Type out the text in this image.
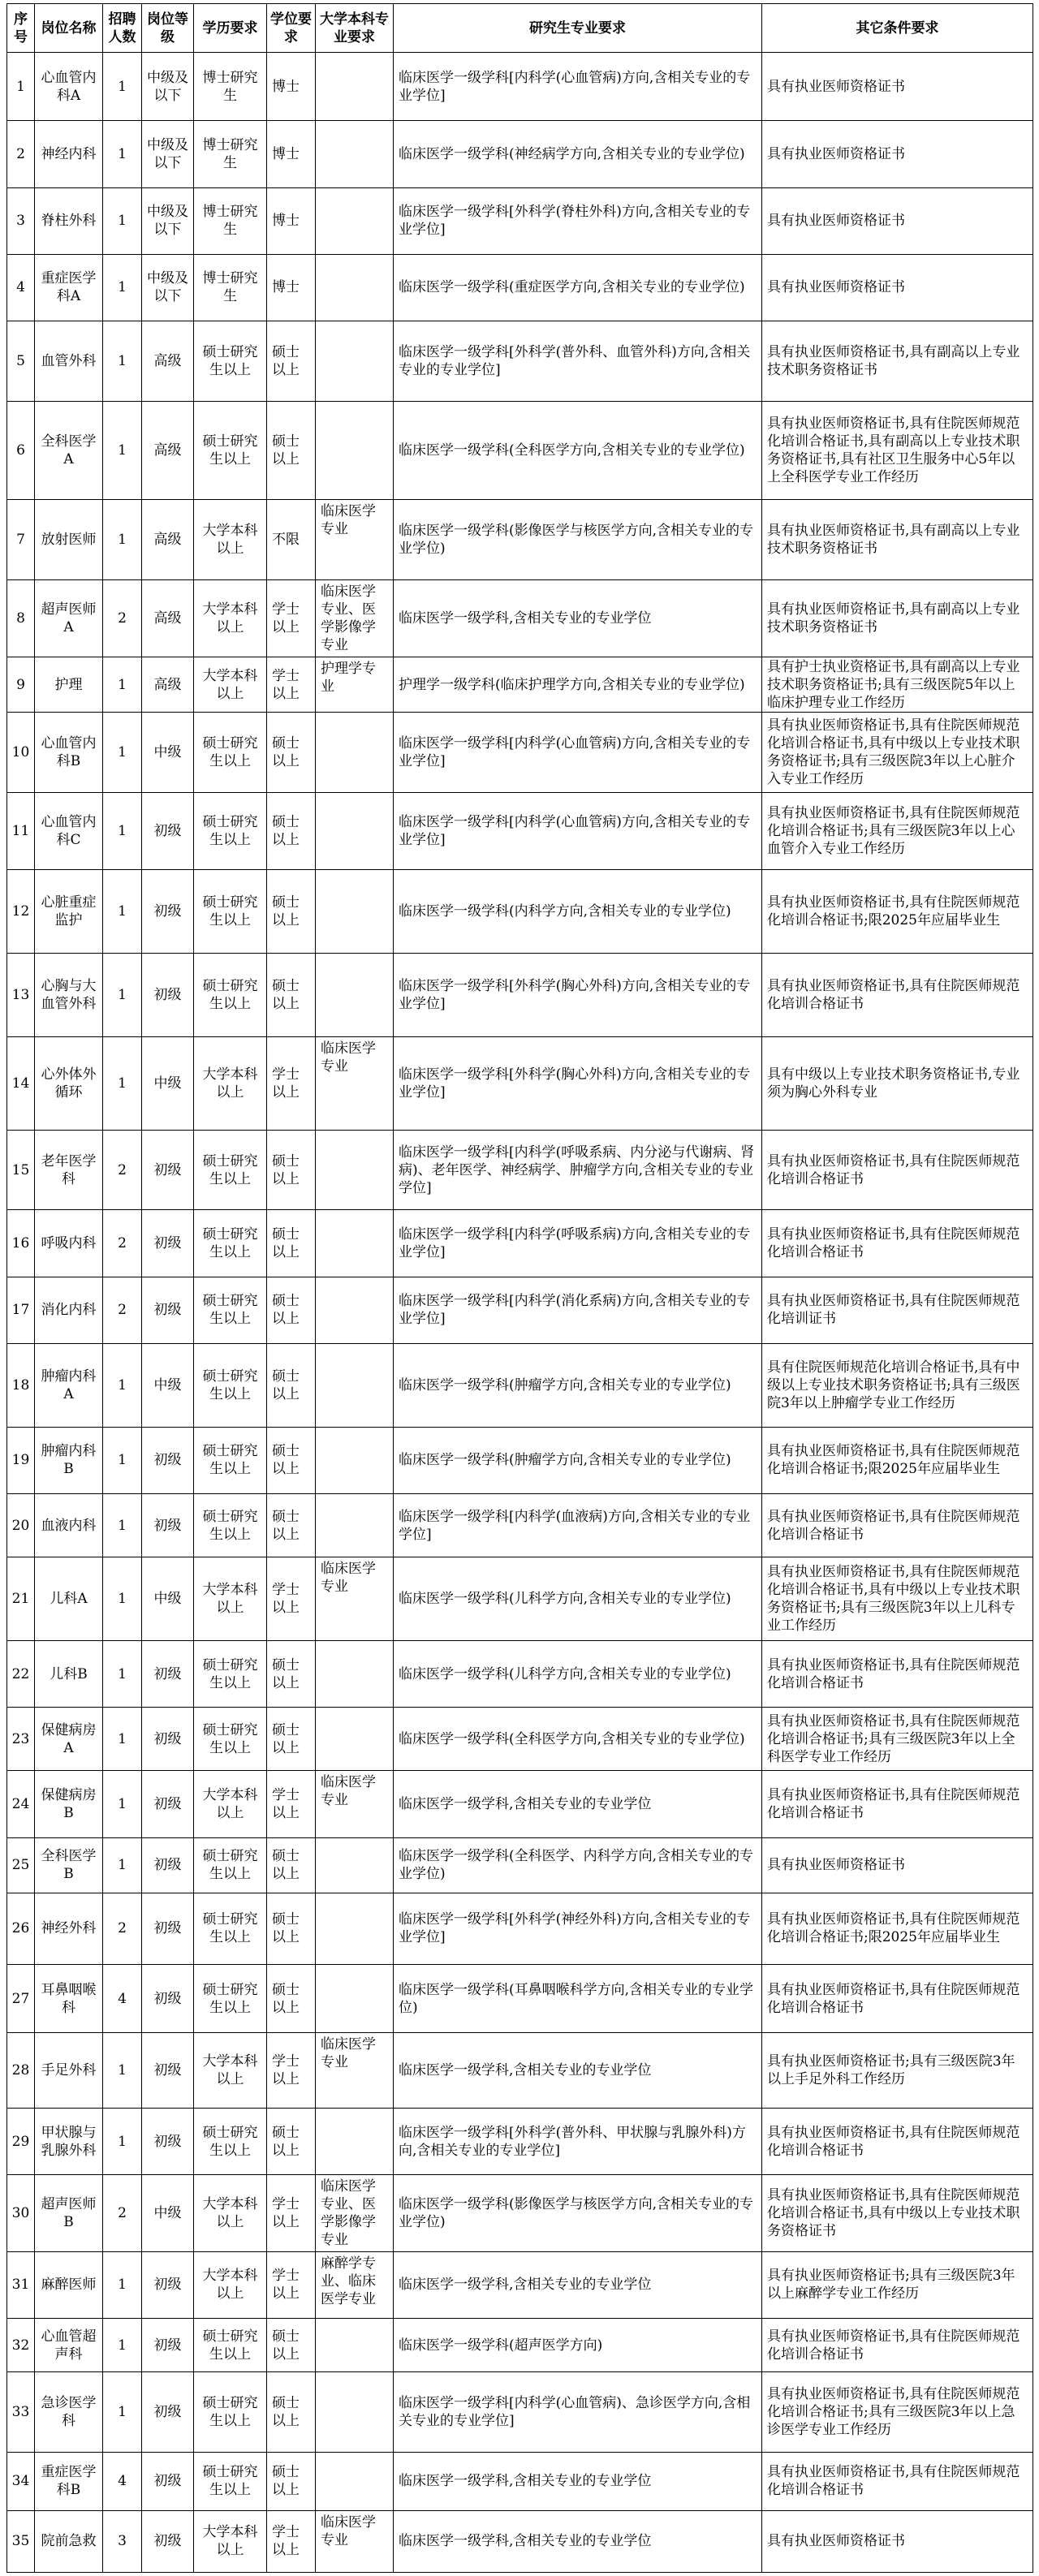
序号	岗位名称	招聘人数	岗位等级	学历要求	学位要求	大学本科专业要求	研究生专业要求	其它条件要求
1	心血管内科A	1	中级及以下	博士研究生	博士		临床医学一级学科[内科学(心血管病)方向,含相关专业的专业学位]	具有执业医师资格证书
2	神经内科	1	中级及以下	博士研究生	博士		临床医学一级学科(神经病学方向,含相关专业的专业学位)	具有执业医师资格证书
3	脊柱外科	1	中级及以下	博士研究生	博士		临床医学一级学科[外科学(脊柱外科)方向,含相关专业的专业学位]	具有执业医师资格证书
4	重症医学科A	1	中级及以下	博士研究生	博士		临床医学一级学科(重症医学方向,含相关专业的专业学位)	具有执业医师资格证书
5	血管外科	1	高级	硕士研究生以上	硕士以上		临床医学一级学科[外科学(普外科、血管外科)方向,含相关专业的专业学位]	具有执业医师资格证书,具有副高以上专业技术职务资格证书
6	全科医学A	1	高级	硕士研究生以上	硕士以上		临床医学一级学科(全科医学方向,含相关专业的专业学位)	具有执业医师资格证书,具有住院医师规范化培训合格证书,具有副高以上专业技术职务资格证书,具有社区卫生服务中心5年以上全科医学专业工作经历
7	放射医师	1	高级	大学本科以上	不限	临床医学专业	临床医学一级学科(影像医学与核医学方向,含相关专业的专业学位)	具有执业医师资格证书,具有副高以上专业技术职务资格证书
8	超声医师A	2	高级	大学本科以上	学士以上	临床医学专业、医学影像学专业	临床医学一级学科,含相关专业的专业学位	具有执业医师资格证书,具有副高以上专业技术职务资格证书
9	护理	1	高级	大学本科以上	学士以上	护理学专业	护理学一级学科(临床护理学方向,含相关专业的专业学位)	具有护士执业资格证书,具有副高以上专业技术职务资格证书;具有三级医院5年以上临床护理专业工作经历
10	心血管内科B	1	中级	硕士研究生以上	硕士以上		临床医学一级学科[内科学(心血管病)方向,含相关专业的专业学位]	具有执业医师资格证书,具有住院医师规范化培训合格证书,具有中级以上专业技术职务资格证书;具有三级医院3年以上心脏介入专业工作经历
11	心血管内科C	1	初级	硕士研究生以上	硕士以上		临床医学一级学科[内科学(心血管病)方向,含相关专业的专业学位]	具有执业医师资格证书,具有住院医师规范化培训合格证书;具有三级医院3年以上心血管介入专业工作经历
12	心脏重症监护	1	初级	硕士研究生以上	硕士以上		临床医学一级学科(内科学方向,含相关专业的专业学位)	具有执业医师资格证书,具有住院医师规范化培训合格证书;限2025年应届毕业生
13	心胸与大血管外科	1	初级	硕士研究生以上	硕士以上		临床医学一级学科[外科学(胸心外科)方向,含相关专业的专业学位]	具有执业医师资格证书,具有住院医师规范化培训合格证书
14	心外体外循环	1	中级	大学本科以上	学士以上	临床医学专业	临床医学一级学科[外科学(胸心外科)方向,含相关专业的专业学位]	具有中级以上专业技术职务资格证书,专业须为胸心外科专业
15	老年医学科	2	初级	硕士研究生以上	硕士以上		临床医学一级学科[内科学(呼吸系病、内分泌与代谢病、肾病)、老年医学、神经病学、肿瘤学方向,含相关专业的专业学位]	具有执业医师资格证书,具有住院医师规范化培训合格证书
16	呼吸内科	2	初级	硕士研究生以上	硕士以上		临床医学一级学科[内科学(呼吸系病)方向,含相关专业的专业学位]	具有执业医师资格证书,具有住院医师规范化培训合格证书
17	消化内科	2	初级	硕士研究生以上	硕士以上		临床医学一级学科[内科学(消化系病)方向,含相关专业的专业学位]	具有执业医师资格证书,具有住院医师规范化培训证书
18	肿瘤内科A	1	中级	硕士研究生以上	硕士以上		临床医学一级学科(肿瘤学方向,含相关专业的专业学位)	具有住院医师规范化培训合格证书,具有中级以上专业技术职务资格证书;具有三级医院3年以上肿瘤学专业工作经历
19	肿瘤内科B	1	初级	硕士研究生以上	硕士以上		临床医学一级学科(肿瘤学方向,含相关专业的专业学位)	具有执业医师资格证书,具有住院医师规范化培训合格证书;限2025年应届毕业生
20	血液内科	1	初级	硕士研究生以上	硕士以上		临床医学一级学科[内科学(血液病)方向,含相关专业的专业学位]	具有执业医师资格证书,具有住院医师规范化培训合格证书
21	儿科A	1	中级	大学本科以上	学士以上	临床医学专业	临床医学一级学科(儿科学方向,含相关专业的专业学位)	具有执业医师资格证书,具有住院医师规范化培训合格证书,具有中级以上专业技术职务资格证书;具有三级医院3年以上儿科专业工作经历
22	儿科B	1	初级	硕士研究生以上	硕士以上		临床医学一级学科(儿科学方向,含相关专业的专业学位)	具有执业医师资格证书,具有住院医师规范化培训合格证书
23	保健病房A	1	初级	硕士研究生以上	硕士以上		临床医学一级学科(全科医学方向,含相关专业的专业学位)	具有执业医师资格证书,具有住院医师规范化培训合格证书;具有三级医院3年以上全科医学专业工作经历
24	保健病房B	1	初级	大学本科以上	学士以上	临床医学专业	临床医学一级学科,含相关专业的专业学位	具有执业医师资格证书,具有住院医师规范化培训合格证书
25	全科医学B	1	初级	硕士研究生以上	硕士以上		临床医学一级学科(全科医学、内科学方向,含相关专业的专业学位)	具有执业医师资格证书
26	神经外科	2	初级	硕士研究生以上	硕士以上		临床医学一级学科[外科学(神经外科)方向,含相关专业的专业学位]	具有执业医师资格证书,具有住院医师规范化培训合格证书;限2025年应届毕业生
27	耳鼻咽喉科	4	初级	硕士研究生以上	硕士以上		临床医学一级学科(耳鼻咽喉科学方向,含相关专业的专业学位)	具有执业医师资格证书,具有住院医师规范化培训合格证书
28	手足外科	1	初级	大学本科以上	学士以上	临床医学专业	临床医学一级学科,含相关专业的专业学位	具有执业医师资格证书;具有三级医院3年以上手足外科工作经历
29	甲状腺与乳腺外科	1	初级	硕士研究生以上	硕士以上		临床医学一级学科[外科学(普外科、甲状腺与乳腺外科)方向,含相关专业的专业学位]	具有执业医师资格证书,具有住院医师规范化培训合格证书
30	超声医师B	2	中级	大学本科以上	学士以上	临床医学专业、医学影像学专业	临床医学一级学科(影像医学与核医学方向,含相关专业的专业学位)	具有执业医师资格证书,具有住院医师规范化培训合格证书,具有中级以上专业技术职务资格证书
31	麻醉医师	1	初级	大学本科以上	学士以上	麻醉学专业、临床医学专业	临床医学一级学科,含相关专业的专业学位	具有执业医师资格证书;具有三级医院3年以上麻醉学专业工作经历
32	心血管超声科	1	初级	硕士研究生以上	硕士以上		临床医学一级学科(超声医学方向)	具有执业医师资格证书,具有住院医师规范化培训合格证书
33	急诊医学科	1	初级	硕士研究生以上	硕士以上		临床医学一级学科[内科学(心血管病)、急诊医学方向,含相关专业的专业学位]	具有执业医师资格证书,具有住院医师规范化培训合格证书;具有三级医院3年以上急诊医学专业工作经历
34	重症医学科B	4	初级	硕士研究生以上	硕士以上		临床医学一级学科,含相关专业的专业学位	具有执业医师资格证书,具有住院医师规范化培训合格证书
35	院前急救	3	初级	大学本科以上	学士以上	临床医学专业	临床医学一级学科,含相关专业的专业学位	具有执业医师资格证书
